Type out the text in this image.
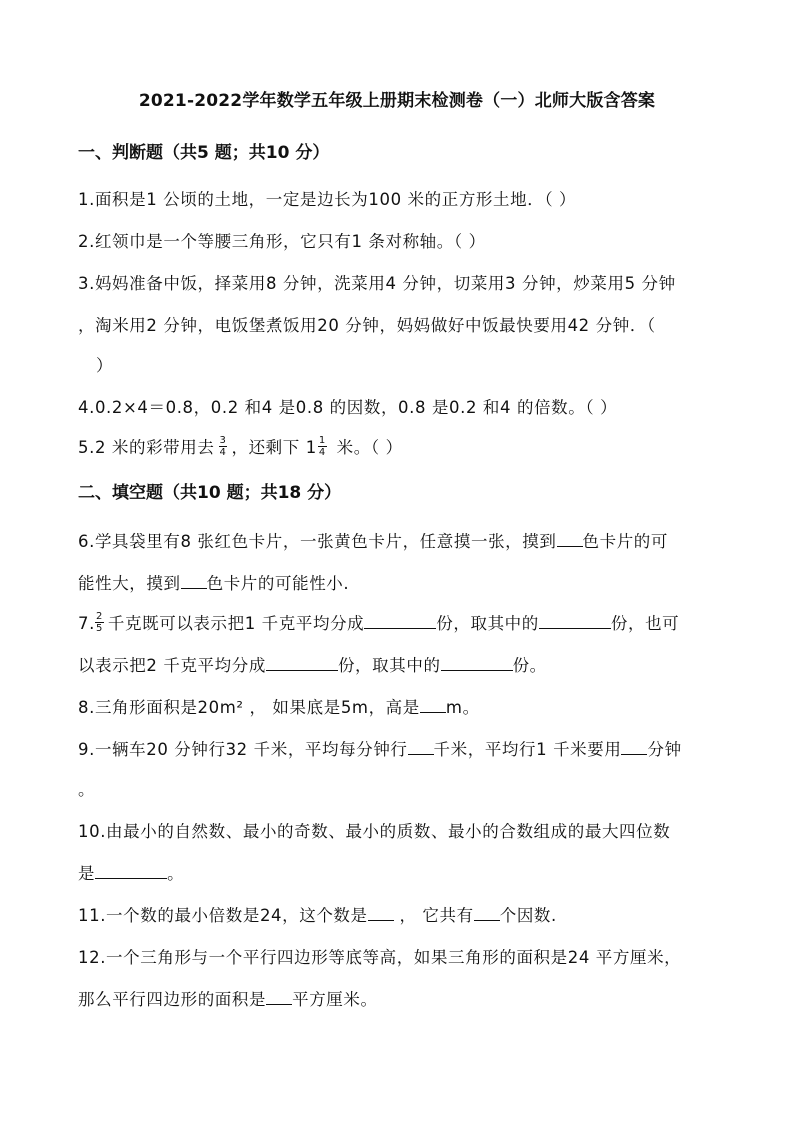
2021-2022学年数学五年级上册期末检测卷（一）北师大版含答案
一、判断题（共5 题；共10 分）
1.面积是1 公顷的土地，一定是边长为100 米的正方形土地．（ ）
2.红领巾是一个等腰三角形，它只有1 条对称轴。（ ）
3.妈妈准备中饭，择菜用8 分钟，洗菜用4 分钟，切菜用3 分钟，炒菜用5 分钟
，淘米用2 分钟，电饭堡煮饭用20 分钟，妈妈做好中饭最快要用42 分钟．（
）
4.0.2×4＝0.8，0.2 和4 是0.8 的因数，0.8 是0.2 和4 的倍数。（ ）
5.2 米的彩带用去 $\frac{3}{4}$ ，还剩下 $1 \frac{1}{4}$ 米。（ ）
二、填空题（共10 题；共18 分）
6.学具袋里有8 张红色卡片，一张黄色卡片，任意摸一张，摸到 色卡片的可
能性大，摸到 色卡片的可能性小.
7. $\frac{2}{5}$ 千克既可以表示把1 千克平均分成	份，取其中的	份，也可
以表示把2 千克平均分成	份，取其中的	份。
8.三角形面积是20m² ， 如果底是5m，高是 m。
9.一辆车20 分钟行32 千米，平均每分钟行 千米，平均行1 千米要用 分钟
。
10.由最小的自然数、最小的奇数、最小的质数、最小的合数组成的最大四位数
是	。
11.一个数的最小倍数是24，这个数是 ， 它共有 个因数.
12.一个三角形与一个平行四边形等底等高，如果三角形的面积是24 平方厘米，
那么平行四边形的面积是 平方厘米。
